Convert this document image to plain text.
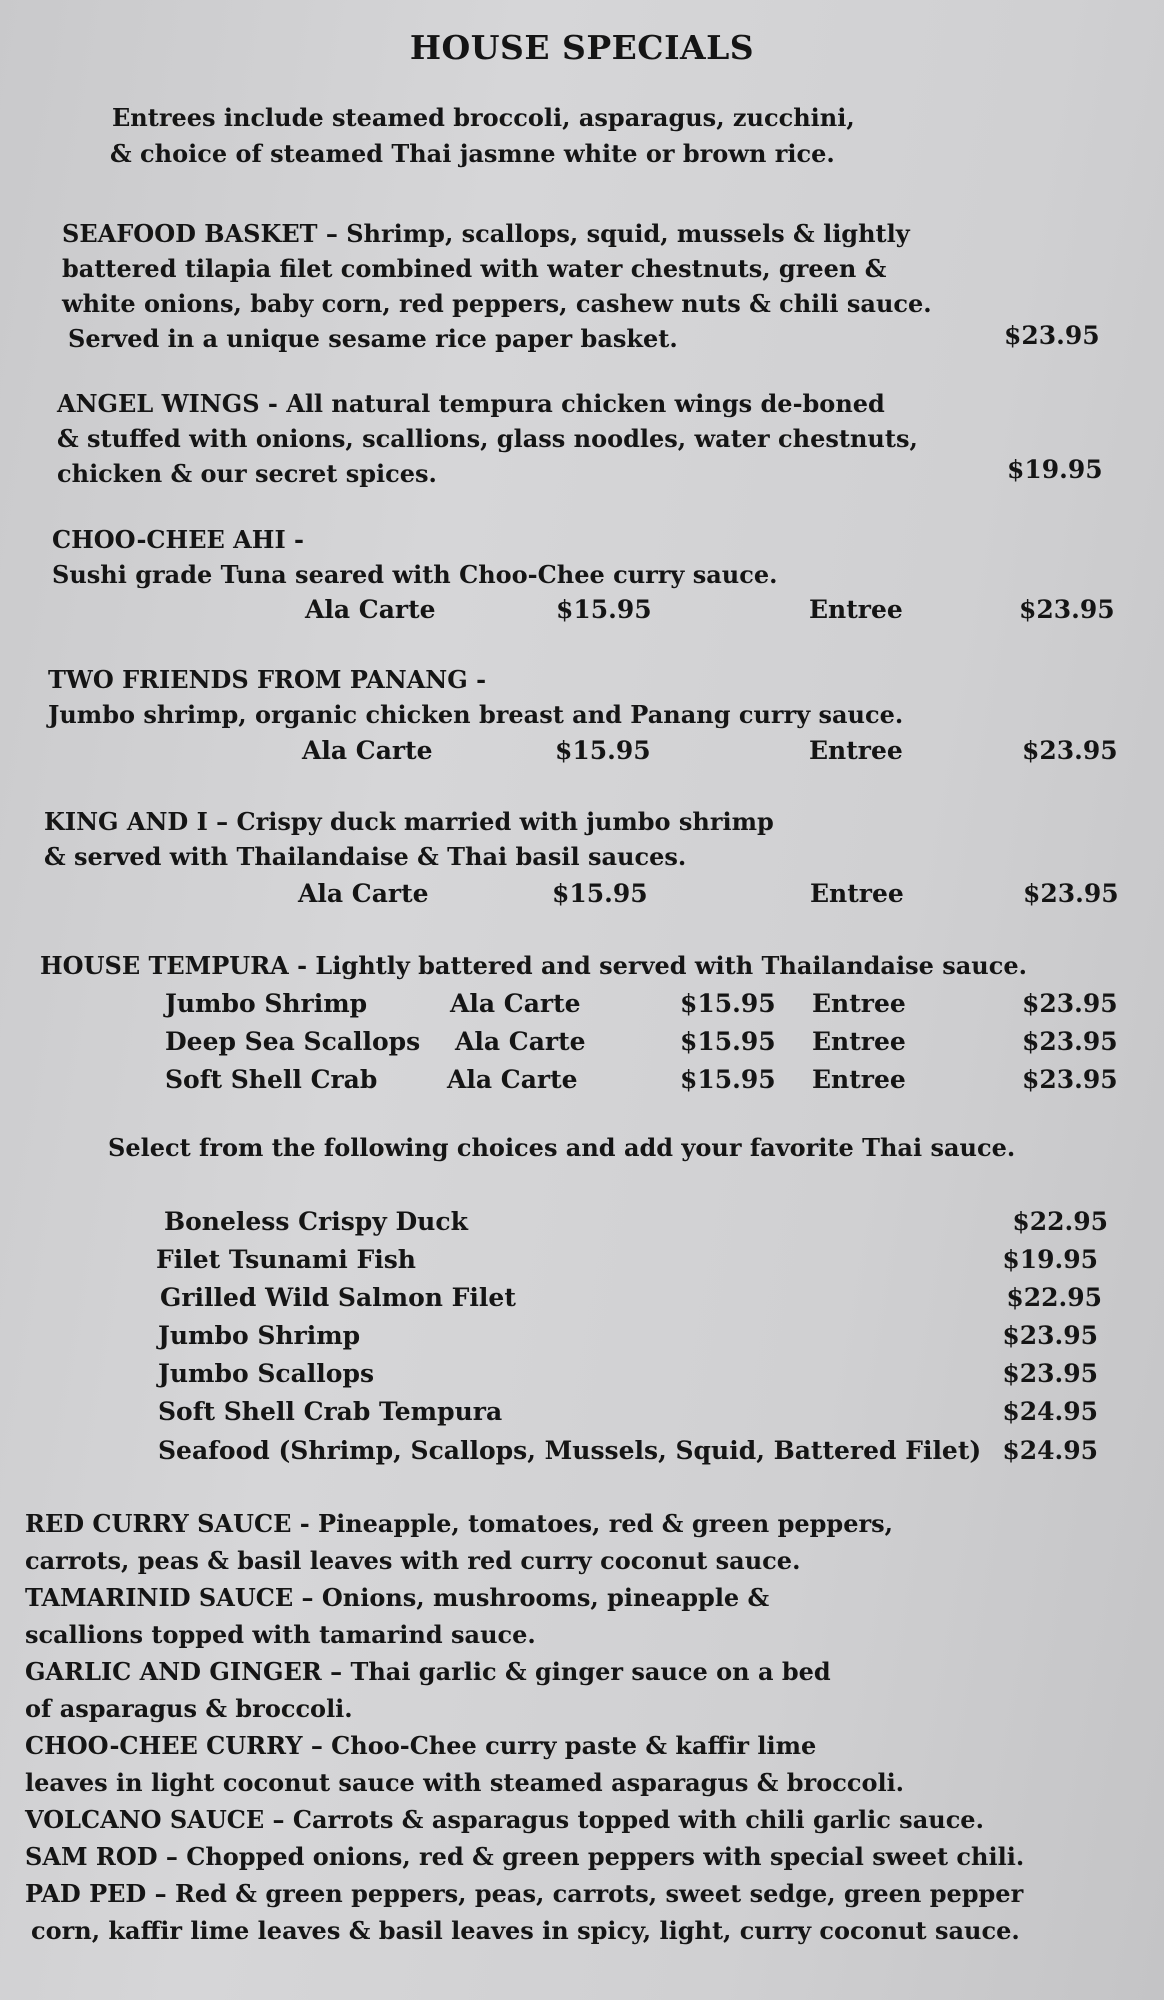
HOUSE SPECIALS
Entrees include steamed broccoli, asparagus, zucchini,
& choice of steamed Thai jasmne white or brown rice.
SEAFOOD BASKET – Shrimp, scallops, squid, mussels & lightly
battered tilapia filet combined with water chestnuts, green &
white onions, baby corn, red peppers, cashew nuts & chili sauce.
Served in a unique sesame rice paper basket.	$23.95
ANGEL WINGS - All natural tempura chicken wings de-boned
& stuffed with onions, scallions, glass noodles, water chestnuts,
chicken & our secret spices.	$19.95
CHOO-CHEE AHI -
Sushi grade Tuna seared with Choo-Chee curry sauce.
Ala Carte	$15.95	Entree	$23.95
TWO FRIENDS FROM PANANG -
Jumbo shrimp, organic chicken breast and Panang curry sauce.
Ala Carte	$15.95	Entree	$23.95
KING AND I – Crispy duck married with jumbo shrimp
& served with Thailandaise & Thai basil sauces.
Ala Carte	$15.95	Entree	$23.95
HOUSE TEMPURA - Lightly battered and served with Thailandaise sauce.
Jumbo Shrimp	Ala Carte	$15.95 Entree	$23.95
Deep Sea Scallops Ala Carte	$15.95 Entree	$23.95
Soft Shell Crab	Ala Carte	$15.95 Entree	$23.95
Select from the following choices and add your favorite Thai sauce.
Boneless Crispy Duck	$22.95
Filet Tsunami Fish	$19.95
Grilled Wild Salmon Filet	$22.95
Jumbo Shrimp	$23.95
Jumbo Scallops	$23.95
Soft Shell Crab Tempura	$24.95
Seafood (Shrimp, Scallops, Mussels, Squid, Battered Filet) $24.95
RED CURRY SAUCE - Pineapple, tomatoes, red & green peppers,
carrots, peas & basil leaves with red curry coconut sauce.
TAMARINID SAUCE – Onions, mushrooms, pineapple &
scallions topped with tamarind sauce.
GARLIC AND GINGER – Thai garlic & ginger sauce on a bed
of asparagus & broccoli.
CHOO-CHEE CURRY – Choo-Chee curry paste & kaffir lime
leaves in light coconut sauce with steamed asparagus & broccoli.
VOLCANO SAUCE – Carrots & asparagus topped with chili garlic sauce.
SAM ROD – Chopped onions, red & green peppers with special sweet chili.
PAD PED – Red & green peppers, peas, carrots, sweet sedge, green pepper
corn, kaffir lime leaves & basil leaves in spicy, light, curry coconut sauce.
